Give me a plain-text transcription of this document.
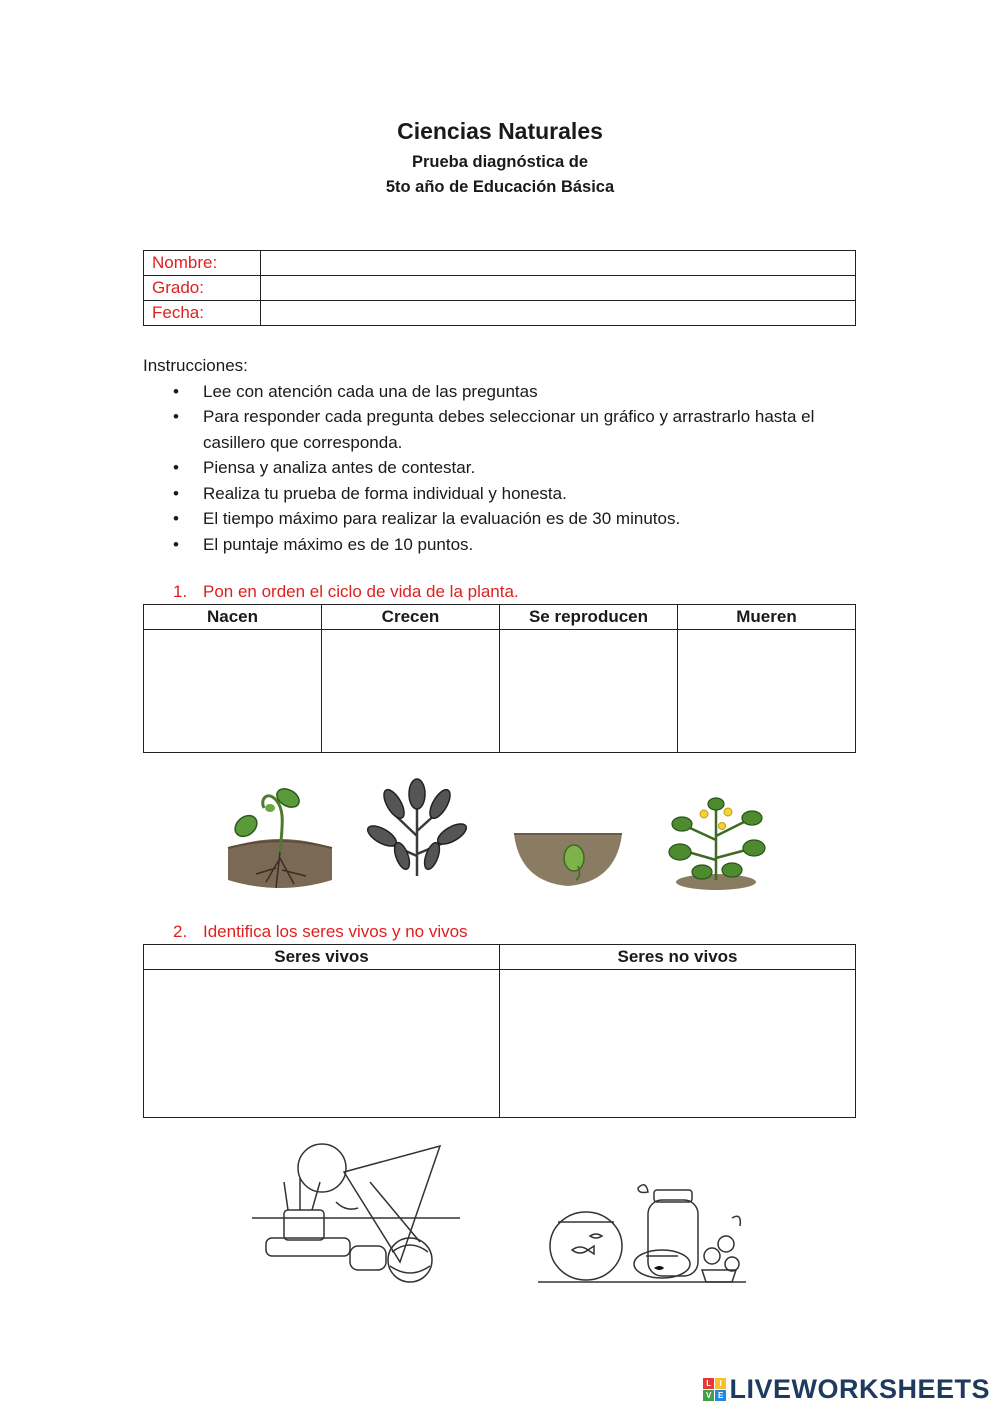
Ciencias Naturales
Prueba diagnóstica de
5to año de Educación Básica
Nombre:	
Grado:	
Fecha:	
Instrucciones:
• Lee con atención cada una de las preguntas
• Para responder cada pregunta debes seleccionar un gráfico y arrastrarlo hasta el casillero que corresponda.
• Piensa y analiza antes de contestar.
• Realiza tu prueba de forma individual y honesta.
• El tiempo máximo para realizar la evaluación es de 30 minutos.
• El puntaje máximo es de 10 puntos.
1. Pon en orden el ciclo de vida de la planta.
Nacen	Crecen	Se reproducen	Mueren

2. Identifica los seres vivos y no vivos
Seres vivos	Seres no vivos

L I
V E LIVEWORKSHEETS
